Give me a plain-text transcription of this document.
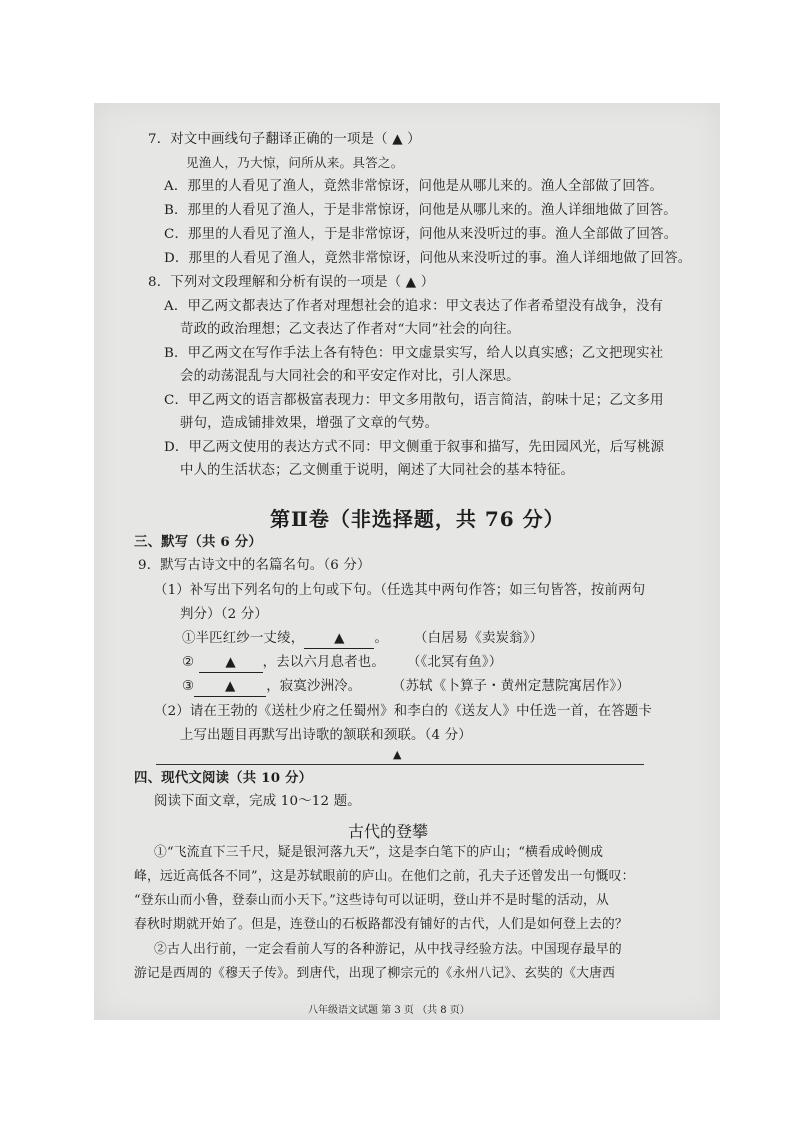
7．对文中画线句子翻译正确的一项是（ ▲ ）
见渔人，乃大惊，问所从来。具答之。
A．那里的人看见了渔人，竟然非常惊讶，问他是从哪儿来的。渔人全部做了回答。
B．那里的人看见了渔人，于是非常惊讶，问他是从哪儿来的。渔人详细地做了回答。
C．那里的人看见了渔人，于是非常惊讶，问他从来没听过的事。渔人全部做了回答。
D．那里的人看见了渔人，竟然非常惊讶，问他从来没听过的事。渔人详细地做了回答。
8．下列对文段理解和分析有误的一项是（ ▲ ）
A．甲乙两文都表达了作者对理想社会的追求：甲文表达了作者希望没有战争，没有
苛政的政治理想；乙文表达了作者对“大同”社会的向往。
B．甲乙两文在写作手法上各有特色：甲文虚景实写，给人以真实感；乙文把现实社
会的动荡混乱与大同社会的和平安定作对比，引人深思。
C．甲乙两文的语言都极富表现力：甲文多用散句，语言简洁，韵味十足；乙文多用
骈句，造成铺排效果，增强了文章的气势。
D．甲乙两文使用的表达方式不同：甲文侧重于叙事和描写，先田园风光，后写桃源
中人的生活状态；乙文侧重于说明，阐述了大同社会的基本特征。
第Ⅱ卷（非选择题，共 76 分）
三、默写（共 6 分）
9．默写古诗文中的名篇名句。（6 分）
（1）补写出下列名句的上句或下句。（任选其中两句作答；如三句皆答，按前两句
判分）（2 分）
①半匹红纱一丈绫， ▲ 。 （白居易《卖炭翁》）
② ▲ ，去以六月息者也。 （《北冥有鱼》）
③ ▲ ，寂寞沙洲冷。 （苏轼《卜算子・黄州定慧院寓居作》）
（2）请在王勃的《送杜少府之任蜀州》和李白的《送友人》中任选一首，在答题卡
上写出题目再默写出诗歌的颔联和颈联。（4 分）
▲
四、现代文阅读（共 10 分）
阅读下面文章，完成 10～12 题。
古代的登攀
①“飞流直下三千尺，疑是银河落九天”，这是李白笔下的庐山；“横看成岭侧成
峰，远近高低各不同”，这是苏轼眼前的庐山。在他们之前，孔夫子还曾发出一句慨叹：
“登东山而小鲁，登泰山而小天下。”这些诗句可以证明，登山并不是时髦的活动，从
春秋时期就开始了。但是，连登山的石板路都没有铺好的古代，人们是如何登上去的？
②古人出行前，一定会看前人写的各种游记，从中找寻经验方法。中国现存最早的
游记是西周的《穆天子传》。到唐代，出现了柳宗元的《永州八记》、玄奘的《大唐西
八年级语文试题 第 3 页 （共 8 页）
